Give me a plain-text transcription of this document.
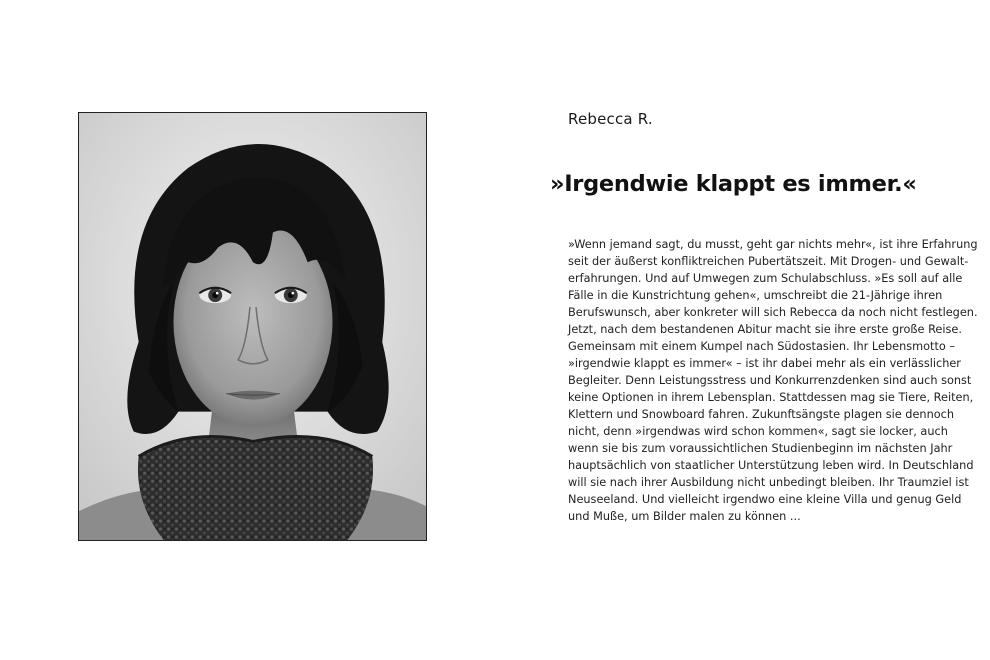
Rebecca R.
»Irgendwie klappt es immer.«
»Wenn jemand sagt, du musst, geht gar nichts mehr«, ist ihre Erfahrung
seit der äußerst konfliktreichen Pubertätszeit. Mit Drogen- und Gewalt-
erfahrungen. Und auf Umwegen zum Schulabschluss. »Es soll auf alle
Fälle in die Kunstrichtung gehen«, umschreibt die 21-Jährige ihren
Berufswunsch, aber konkreter will sich Rebecca da noch nicht festlegen.
Jetzt, nach dem bestandenen Abitur macht sie ihre erste große Reise.
Gemeinsam mit einem Kumpel nach Südostasien. Ihr Lebensmotto –
»irgendwie klappt es immer« – ist ihr dabei mehr als ein verlässlicher
Begleiter. Denn Leistungsstress und Konkurrenzdenken sind auch sonst
keine Optionen in ihrem Lebensplan. Stattdessen mag sie Tiere, Reiten,
Klettern und Snowboard fahren. Zukunftsängste plagen sie dennoch
nicht, denn »irgendwas wird schon kommen«, sagt sie locker, auch
wenn sie bis zum voraussichtlichen Studienbeginn im nächsten Jahr
hauptsächlich von staatlicher Unterstützung leben wird. In Deutschland
will sie nach ihrer Ausbildung nicht unbedingt bleiben. Ihr Traumziel ist
Neuseeland. Und vielleicht irgendwo eine kleine Villa und genug Geld
und Muße, um Bilder malen zu können ...
